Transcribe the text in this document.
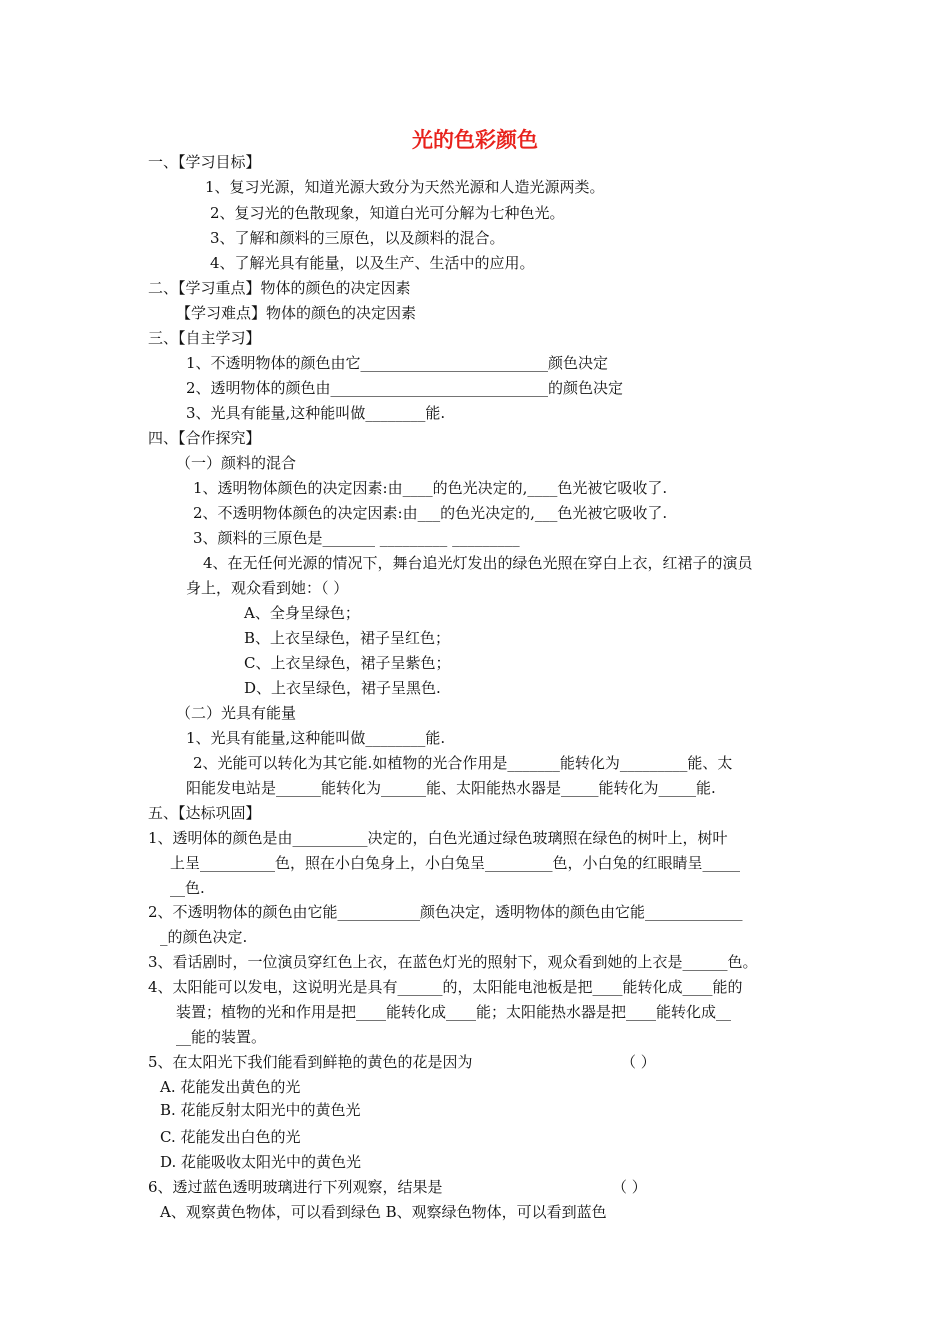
光的色彩颜色
一、【学习目标】
1、复习光源，知道光源大致分为天然光源和人造光源两类。
2、复习光的色散现象，知道白光可分解为七种色光。
3、了解和颜料的三原色，以及颜料的混合。
4、了解光具有能量，以及生产、生活中的应用。
二、【学习重点】物体的颜色的决定因素
【学习难点】物体的颜色的决定因素
三、【自主学习】
1、不透明物体的颜色由它_________________________颜色决定
2、透明物体的颜色由_____________________________的颜色决定
3、光具有能量,这种能叫做________能.
四、【合作探究】
（一）颜料的混合
1、透明物体颜色的决定因素:由____的色光决定的,____色光被它吸收了.
2、不透明物体颜色的决定因素:由___的色光决定的,___色光被它吸收了.
3、颜料的三原色是_______ _________ _________
4、在无任何光源的情况下，舞台追光灯发出的绿色光照在穿白上衣，红裙子的演员
身上，观众看到她：（ ）
A、全身呈绿色；
B、上衣呈绿色，裙子呈红色；
C、上衣呈绿色，裙子呈紫色；
D、上衣呈绿色，裙子呈黑色.
（二）光具有能量
1、光具有能量,这种能叫做________能.
2、光能可以转化为其它能.如植物的光合作用是_______能转化为_________能、太
阳能发电站是______能转化为______能、太阳能热水器是_____能转化为_____能.
五、【达标巩固】
1、透明体的颜色是由__________决定的，白色光通过绿色玻璃照在绿色的树叶上，树叶
上呈__________色，照在小白兔身上，小白兔呈_________色，小白兔的红眼睛呈_____
__色.
2、不透明物体的颜色由它能___________颜色决定，透明物体的颜色由它能_____________
_的颜色决定.
3、看话剧时，一位演员穿红色上衣，在蓝色灯光的照射下，观众看到她的上衣是______色。
4、太阳能可以发电，这说明光是具有______的，太阳能电池板是把____能转化成____能的
装置；植物的光和作用是把____能转化成____能；太阳能热水器是把____能转化成__
__能的装置。
5、在太阳光下我们能看到鲜艳的黄色的花是因为	（ ）
A. 花能发出黄色的光
B. 花能反射太阳光中的黄色光
C. 花能发出白色的光
D. 花能吸收太阳光中的黄色光
6、透过蓝色透明玻璃进行下列观察，结果是	（ ）
A、观察黄色物体，可以看到绿色 B、观察绿色物体，可以看到蓝色
